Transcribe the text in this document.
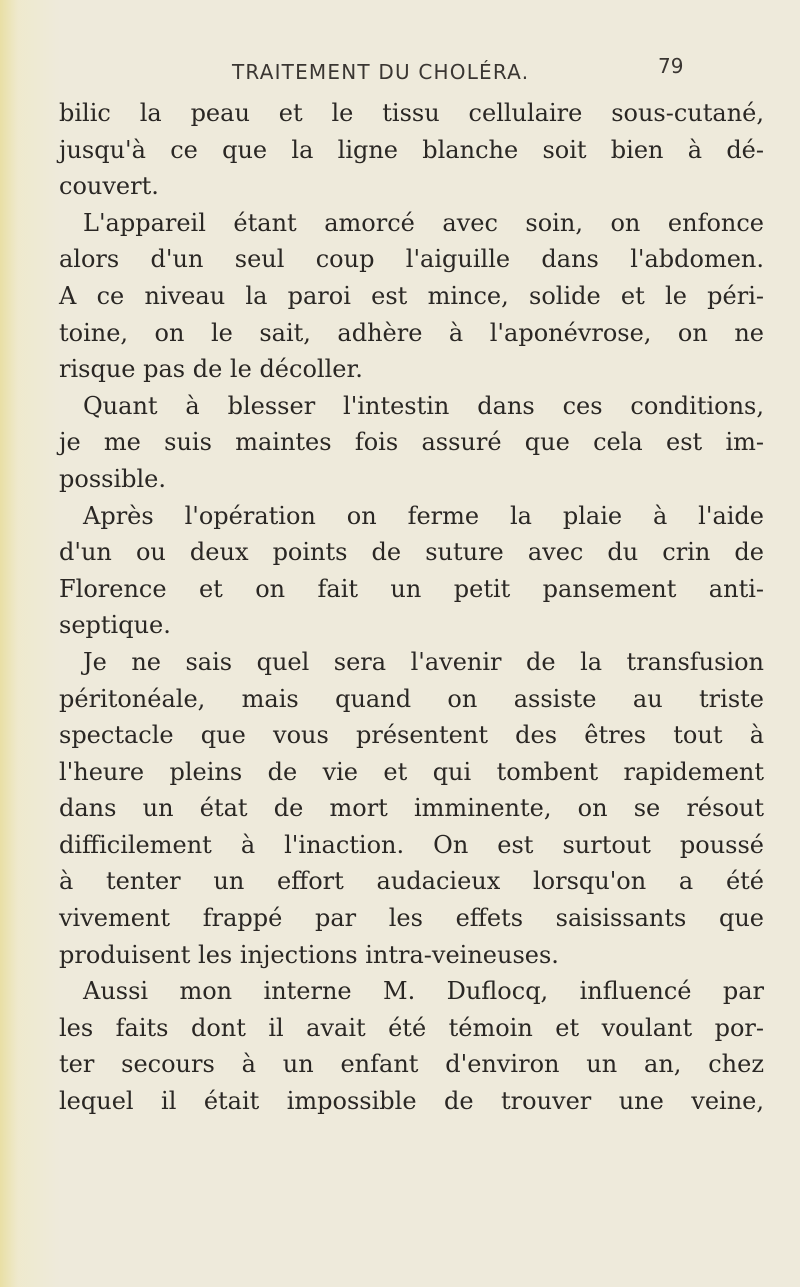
TRAITEMENT DU CHOLÉRA.	79
bilic la peau et le tissu cellulaire sous-cutané,
jusqu'à ce que la ligne blanche soit bien à dé-
couvert.
L'appareil étant amorcé avec soin, on enfonce
alors d'un seul coup l'aiguille dans l'abdomen.
A ce niveau la paroi est mince, solide et le péri-
toine, on le sait, adhère à l'aponévrose, on ne
risque pas de le décoller.
Quant à blesser l'intestin dans ces conditions,
je me suis maintes fois assuré que cela est im-
possible.
Après l'opération on ferme la plaie à l'aide
d'un ou deux points de suture avec du crin de
Florence et on fait un petit pansement anti-
septique.
Je ne sais quel sera l'avenir de la transfusion
péritonéale, mais quand on assiste au triste
spectacle que vous présentent des êtres tout à
l'heure pleins de vie et qui tombent rapidement
dans un état de mort imminente, on se résout
difficilement à l'inaction. On est surtout poussé
à tenter un effort audacieux lorsqu'on a été
vivement frappé par les effets saisissants que
produisent les injections intra-veineuses.
Aussi mon interne M. Duflocq, influencé par
les faits dont il avait été témoin et voulant por-
ter secours à un enfant d'environ un an, chez
lequel il était impossible de trouver une veine,
